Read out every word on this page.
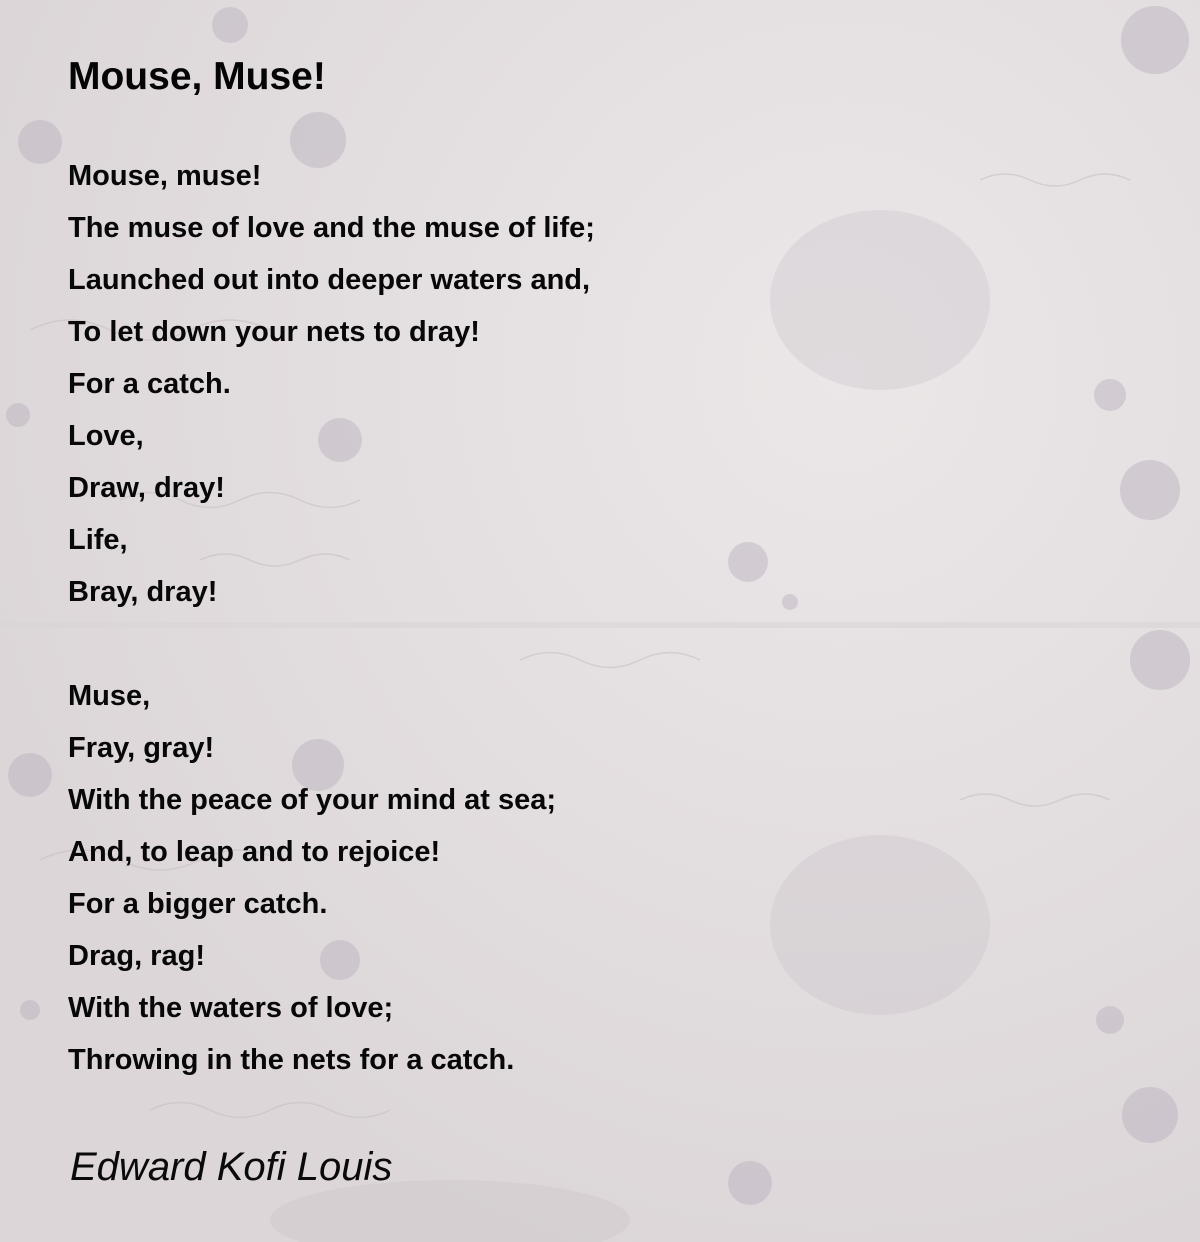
Mouse, Muse!
Mouse, muse!
The muse of love and the muse of life;
Launched out into deeper waters and,
To let down your nets to dray!
For a catch.
Love,
Draw, dray!
Life,
Bray, dray!
Muse,
Fray, gray!
With the peace of your mind at sea;
And, to leap and to rejoice!
For a bigger catch.
Drag, rag!
With the waters of love;
Throwing in the nets for a catch.

Edward Kofi Louis
